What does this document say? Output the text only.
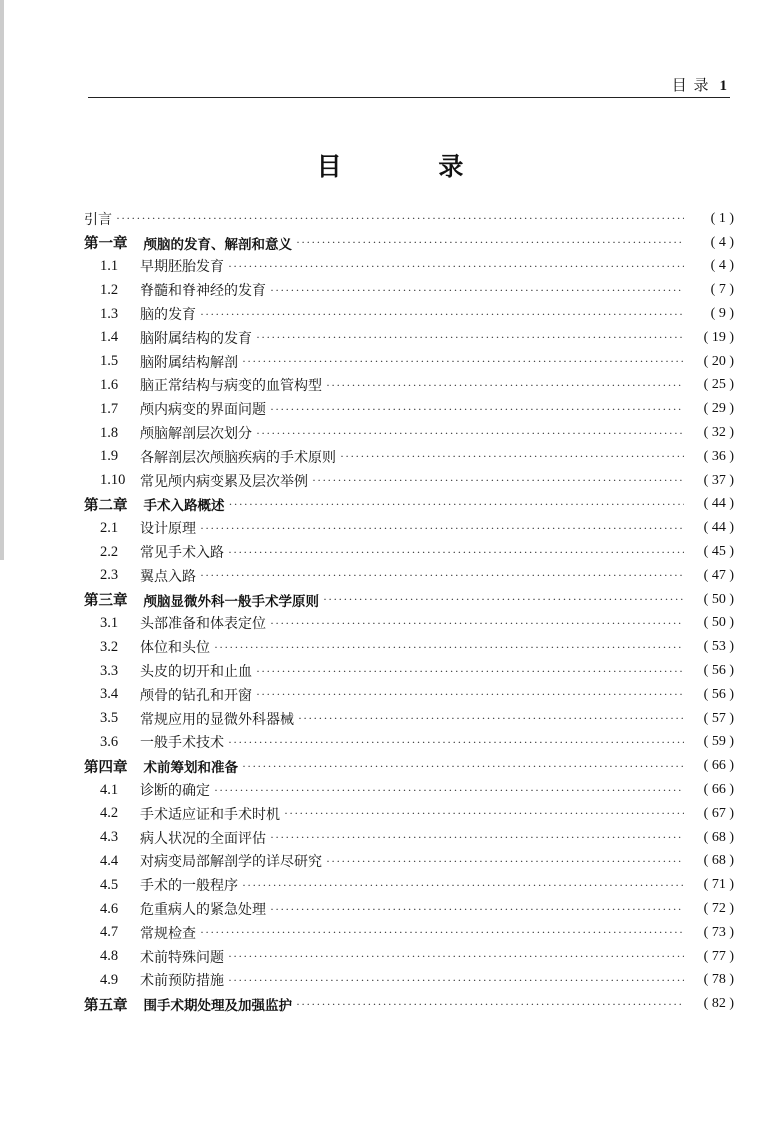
目 录 1
目 录
引言 ·····	( 1 )
第一章 颅脑的发育、解剖和意义 ·····	( 4 )
1.1	早期胚胎发育 ·····	( 4 )
1.2	脊髓和脊神经的发育 ·····	( 7 )
1.3	脑的发育 ·····	( 9 )
1.4	脑附属结构的发育 ·····	( 19 )
1.5	脑附属结构解剖 ·····	( 20 )
1.6	脑正常结构与病变的血管构型 ·····	( 25 )
1.7	颅内病变的界面问题 ·····	( 29 )
1.8	颅脑解剖层次划分 ·····	( 32 )
1.9	各解剖层次颅脑疾病的手术原则 ·····	( 36 )
1.10	常见颅内病变累及层次举例 ·····	( 37 )
第二章 手术入路概述 ·····	( 44 )
2.1	设计原理 ·····	( 44 )
2.2	常见手术入路 ·····	( 45 )
2.3	翼点入路 ·····	( 47 )
第三章 颅脑显微外科一般手术学原则 ·····	( 50 )
3.1	头部准备和体表定位 ·····	( 50 )
3.2	体位和头位 ·····	( 53 )
3.3	头皮的切开和止血 ·····	( 56 )
3.4	颅骨的钻孔和开窗 ·····	( 56 )
3.5	常规应用的显微外科器械 ·····	( 57 )
3.6	一般手术技术 ·····	( 59 )
第四章 术前筹划和准备 ·····	( 66 )
4.1	诊断的确定 ·····	( 66 )
4.2	手术适应证和手术时机 ·····	( 67 )
4.3	病人状况的全面评估 ·····	( 68 )
4.4	对病变局部解剖学的详尽研究 ·····	( 68 )
4.5	手术的一般程序 ·····	( 71 )
4.6	危重病人的紧急处理 ·····	( 72 )
4.7	常规检查 ·····	( 73 )
4.8	术前特殊问题 ·····	( 77 )
4.9	术前预防措施 ·····	( 78 )
第五章 围手术期处理及加强监护 ·····	( 82 )
